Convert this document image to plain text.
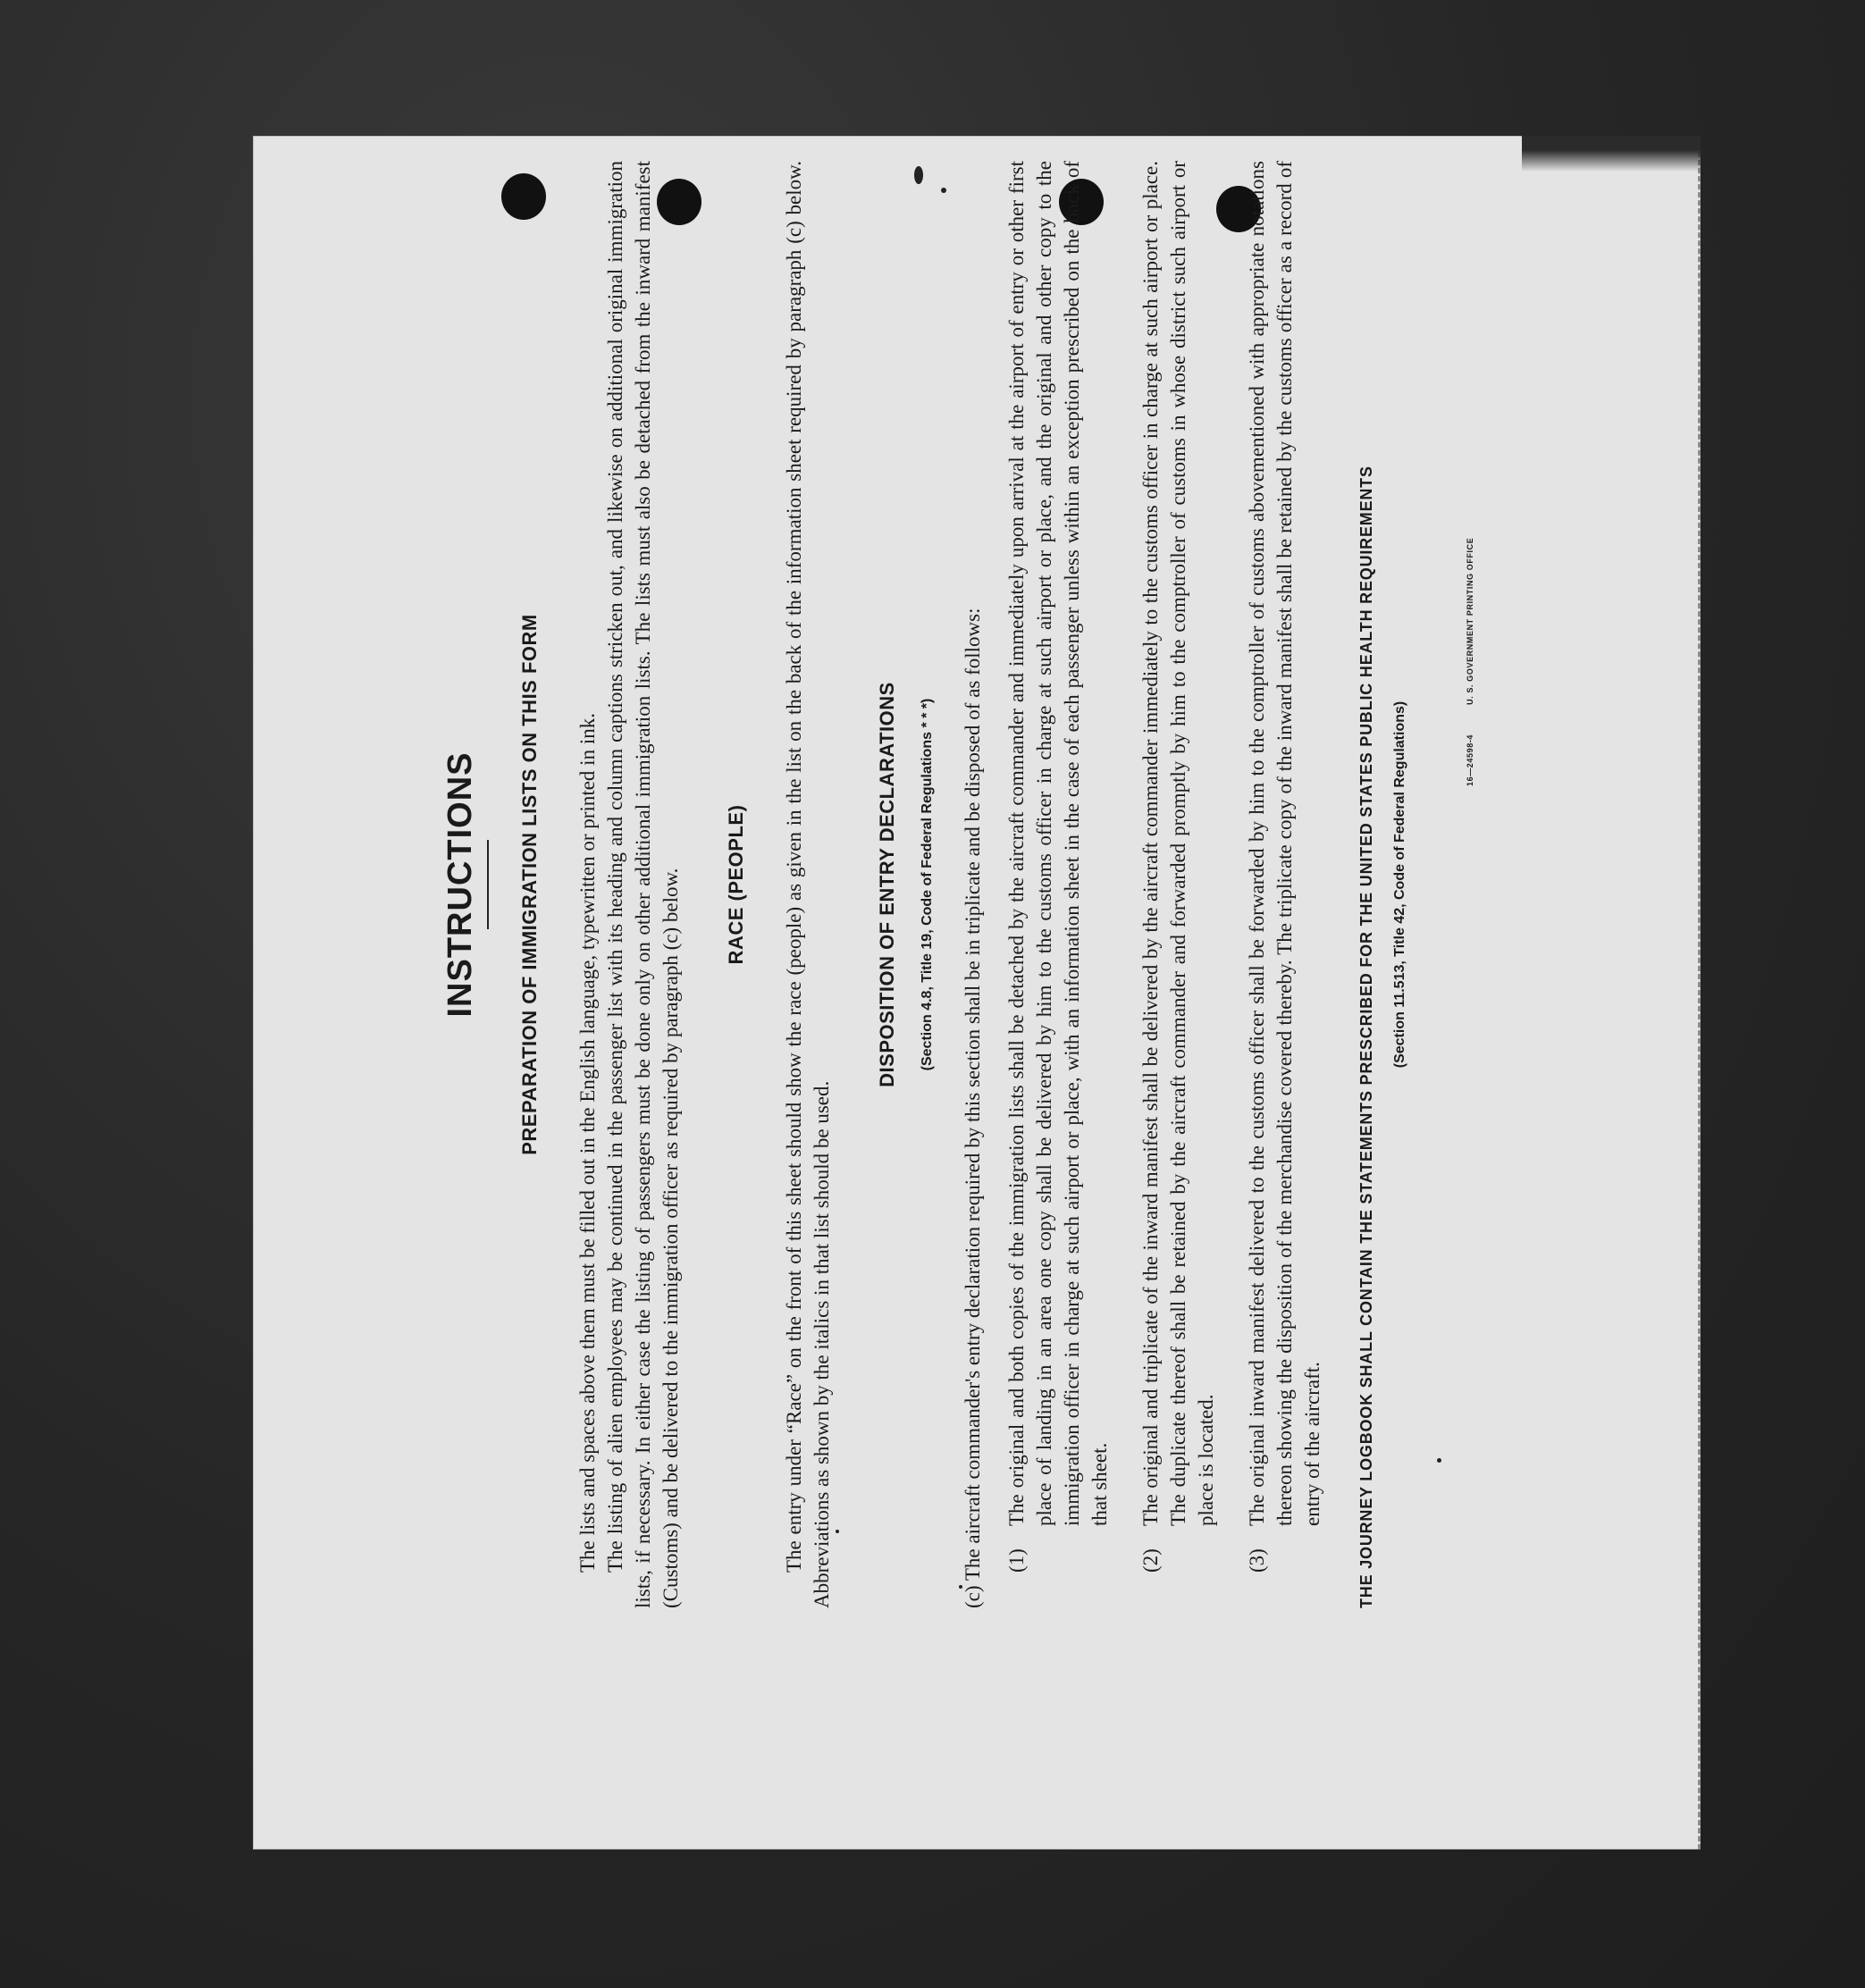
INSTRUCTIONS PREPARATION OF IMMIGRATION LISTS ON THIS FORM The lists and spaces above them must be filled out in the English language, typewritten or printed in ink. The listing of alien employees may be continued in the passenger list with its heading and column captions stricken out, and likewise on additional original immigration lists, if necessary. In either case the listing of passengers must be done only on other additional immigration lists. The lists must also be detached from the inward manifest (Customs) and be delivered to the immigration officer as required by paragraph (c) below. RACE (PEOPLE) The entry under “Race” on the front of this sheet should show the race (people) as given in the list on the back of the information sheet required by paragraph (c) below. Abbreviations as shown by the italics in that list should be used.

DISPOSITION OF ENTRY DECLARATIONS	(Section 4.8, Title 19, Code of Federal Regulations * * *)
(c) The aircraft commander's entry declaration required by this section shall be in triplicate and be disposed of as follows: (1)
The original and both copies of the immigration lists shall be detached by the aircraft commander and immediately upon arrival at the airport of entry or other first place of landing in an area one copy shall be delivered by him to the customs officer in charge at such airport or place, and the original and other copy to the immigration officer in charge at such airport or place, with an information sheet in the case of each passenger unless within an exception prescribed on the back of that sheet.
(2)
The original and triplicate of the inward manifest shall be delivered by the aircraft commander immediately to the customs officer in charge at such airport or place. The duplicate thereof shall be retained by the aircraft commander and forwarded promptly by him to the comptroller of customs in whose district such airport or place is located.
(3)
The original inward manifest delivered to the customs officer shall be forwarded by him to the comptroller of customs abovementioned with appropriate notations thereon showing the disposition of the merchandise covered thereby. The triplicate copy of the inward manifest shall be retained by the customs officer as a record of entry of the aircraft. THE JOURNEY LOGBOOK SHALL CONTAIN THE STATEMENTS PRESCRIBED FOR THE UNITED STATES PUBLIC HEALTH REQUIREMENTS	(Section 11.513, Title 42, Code of Federal Regulations)	16—24598-4 U. S. GOVERNMENT PRINTING OFFICE
